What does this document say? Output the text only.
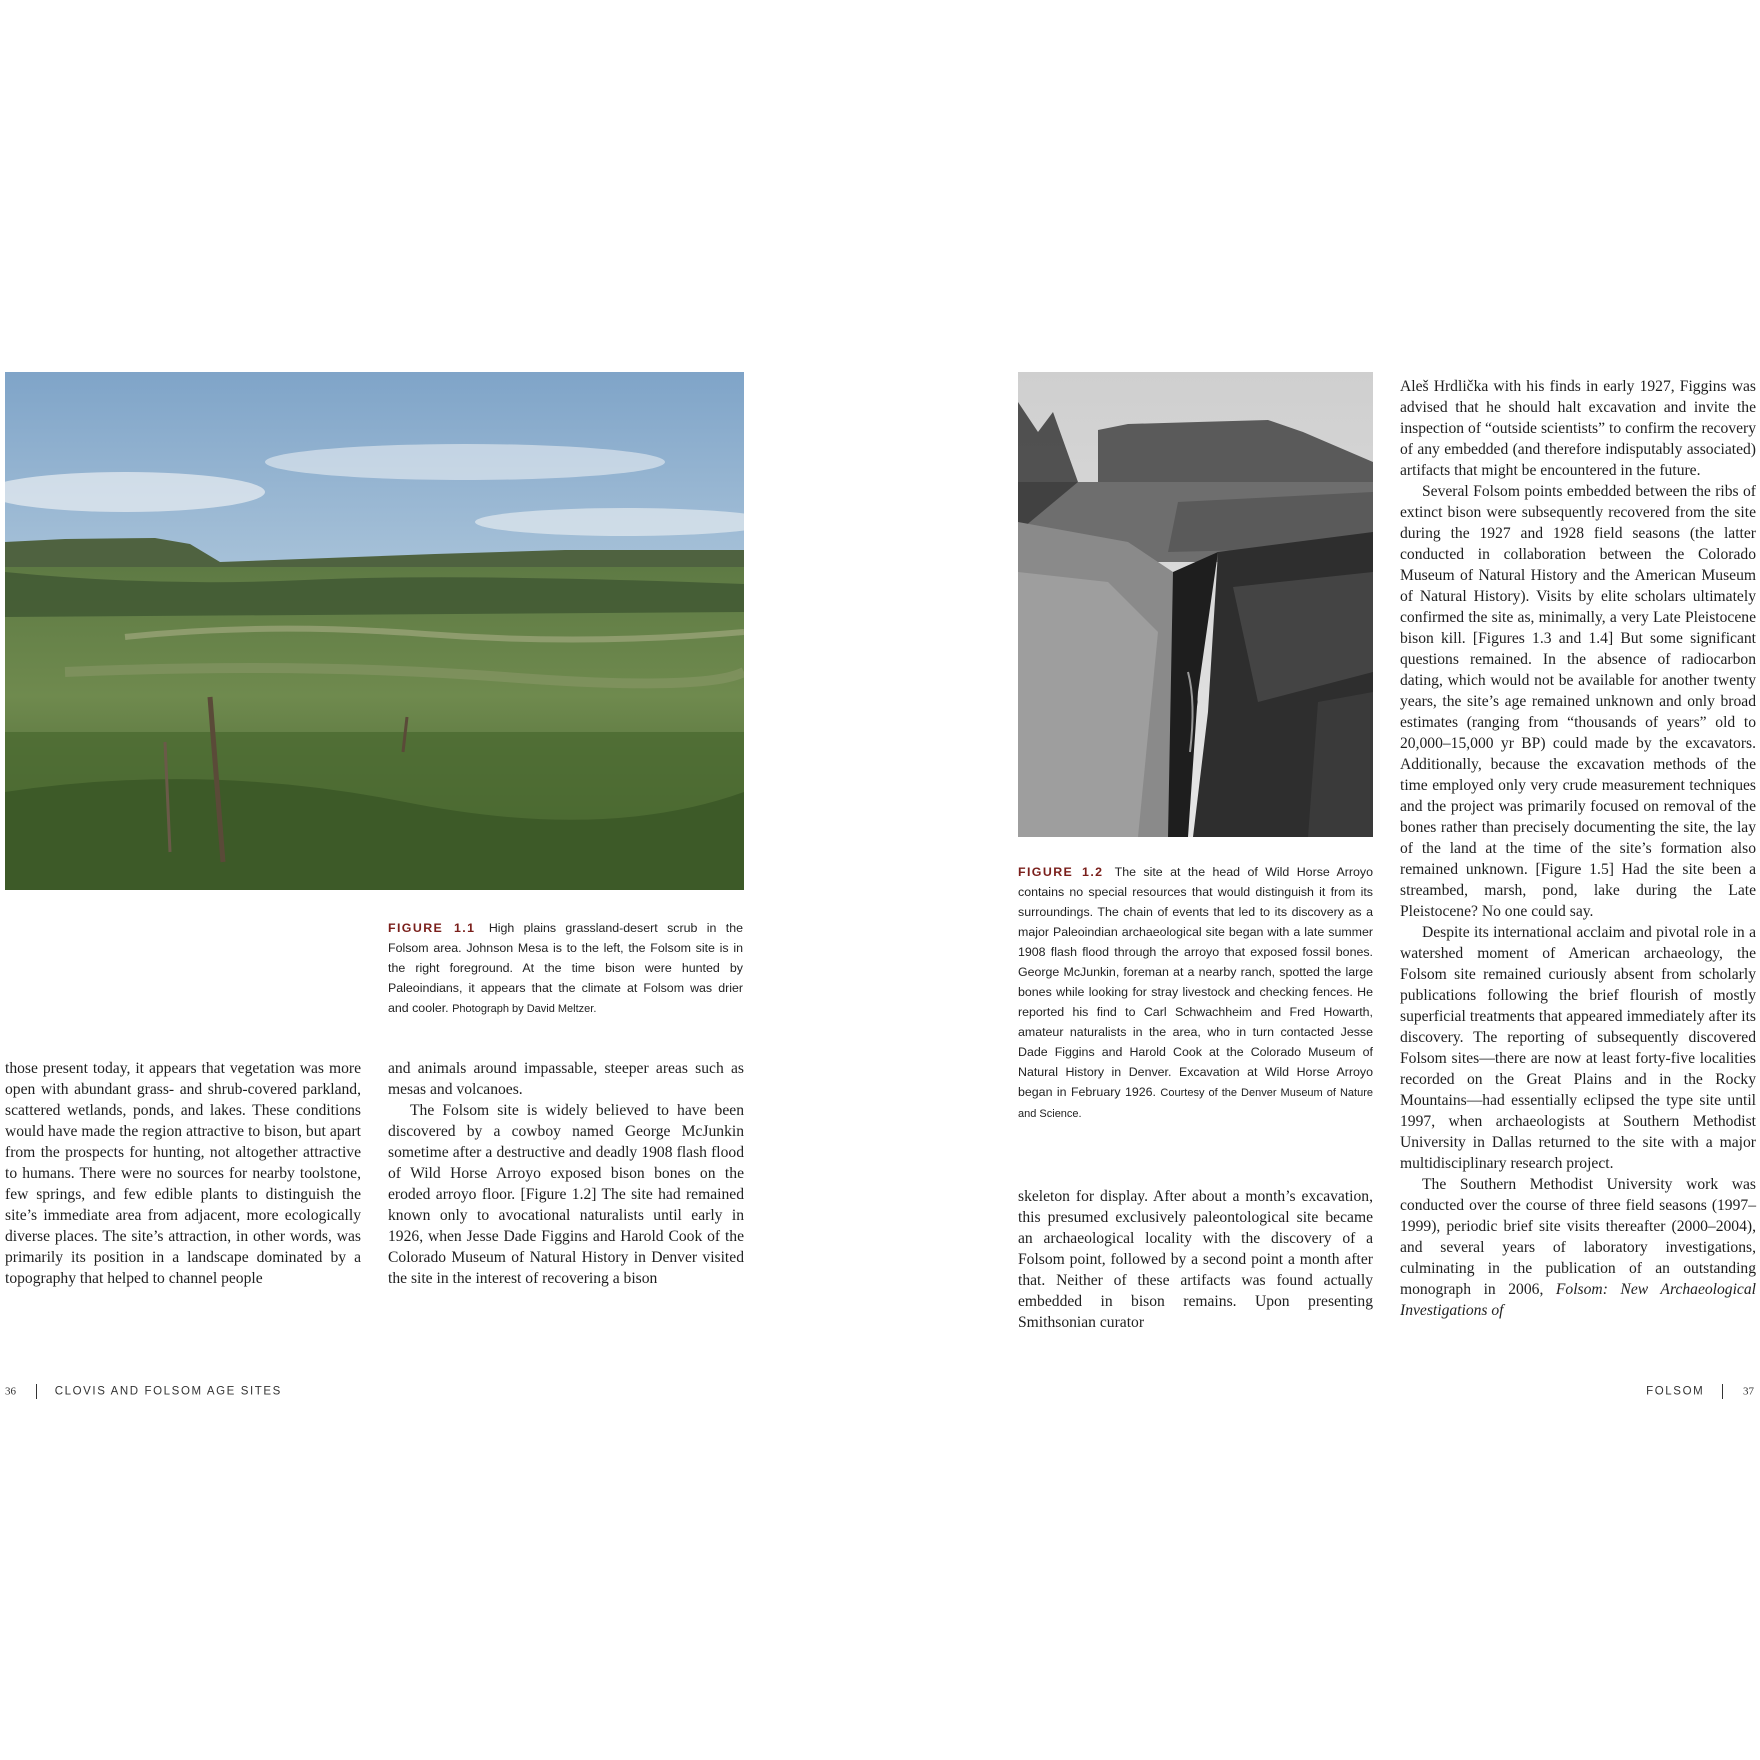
FIGURE 1.1 High plains grassland-desert scrub in the Folsom area. Johnson Mesa is to the left, the Folsom site is in the right foreground. At the time bison were hunted by Paleoindians, it appears that the climate at Folsom was drier and cooler. Photograph by David Meltzer.

those present today, it appears that vegetation was more open with abundant grass- and shrub-covered parkland, scattered wetlands, ponds, and lakes. These conditions would have made the region attractive to bison, but apart from the prospects for hunting, not altogether attractive to humans. There were no sources for nearby toolstone, few springs, and few edible plants to distinguish the site’s immediate area from adjacent, more ecologically diverse places. The site’s attraction, in other words, was primarily its position in a landscape dominated by a topography that helped to channel people

and animals around impassable, steeper areas such as mesas and volcanoes.

The Folsom site is widely believed to have been discovered by a cowboy named George McJunkin sometime after a destructive and deadly 1908 flash flood of Wild Horse Arroyo exposed bison bones on the eroded arroyo floor. [Figure 1.2] The site had remained known only to avocational naturalists until early in 1926, when Jesse Dade Figgins and Harold Cook of the Colorado Museum of Natural History in Denver visited the site in the interest of recovering a bison

36	CLOVIS AND FOLSOM AGE SITES
FIGURE 1.2 The site at the head of Wild Horse Arroyo contains no special resources that would distinguish it from its surroundings. The chain of events that led to its discovery as a major Paleoindian archaeological site began with a late summer 1908 flash flood through the arroyo that exposed fossil bones. George McJunkin, foreman at a nearby ranch, spotted the large bones while looking for stray livestock and checking fences. He reported his find to Carl Schwachheim and Fred Howarth, amateur naturalists in the area, who in turn contacted Jesse Dade Figgins and Harold Cook at the Colorado Museum of Natural History in Denver. Excavation at Wild Horse Arroyo began in February 1926. Courtesy of the Denver Museum of Nature and Science.

skeleton for display. After about a month’s excavation, this presumed exclusively paleontological site became an archaeological locality with the discovery of a Folsom point, followed by a second point a month after that. Neither of these artifacts was found actually embedded in bison remains. Upon presenting Smithsonian curator

Aleš Hrdlička with his finds in early 1927, Figgins was advised that he should halt excavation and invite the inspection of “outside scientists” to confirm the recovery of any embedded (and therefore indisputably associated) artifacts that might be encountered in the future.

Several Folsom points embedded between the ribs of extinct bison were subsequently recovered from the site during the 1927 and 1928 field seasons (the latter conducted in collaboration between the Colorado Museum of Natural History and the American Museum of Natural History). Visits by elite scholars ultimately confirmed the site as, minimally, a very Late Pleistocene bison kill. [Figures 1.3 and 1.4] But some significant questions remained. In the absence of radiocarbon dating, which would not be available for another twenty years, the site’s age remained unknown and only broad estimates (ranging from “thousands of years” old to 20,000–15,000 yr BP) could made by the excavators. Additionally, because the excavation methods of the time employed only very crude measurement techniques and the project was primarily focused on removal of the bones rather than precisely documenting the site, the lay of the land at the time of the site’s formation also remained unknown. [Figure 1.5] Had the site been a streambed, marsh, pond, lake during the Late Pleistocene? No one could say.

Despite its international acclaim and pivotal role in a watershed moment of American archaeology, the Folsom site remained curiously absent from scholarly publications following the brief flourish of mostly superficial treatments that appeared immediately after its discovery. The reporting of subsequently discovered Folsom sites—there are now at least forty-five localities recorded on the Great Plains and in the Rocky Mountains—had essentially eclipsed the type site until 1997, when archaeologists at Southern Methodist University in Dallas returned to the site with a major multidisciplinary research project.

The Southern Methodist University work was conducted over the course of three field seasons (1997–1999), periodic brief site visits thereafter (2000–2004), and several years of laboratory investigations, culminating in the publication of an outstanding monograph in 2006, Folsom: New Archaeological Investigations of

FOLSOM	37
